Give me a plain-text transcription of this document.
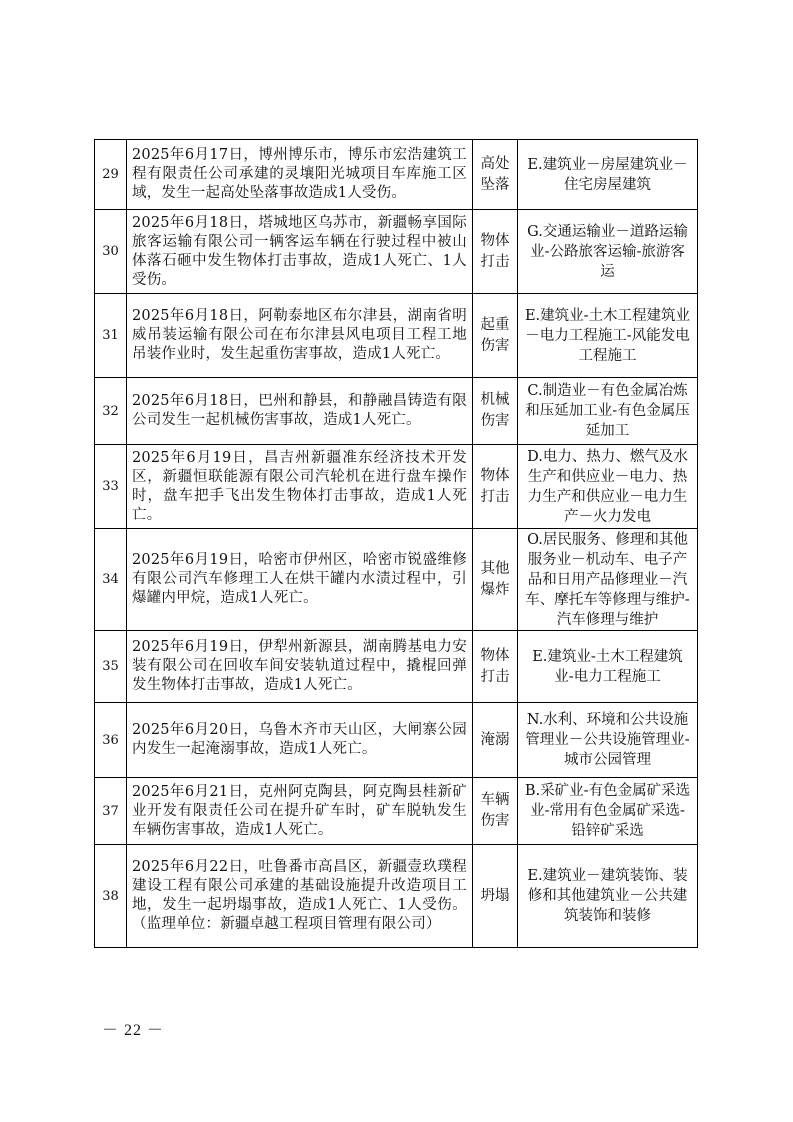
29	2025年6月17日，博州博乐市，博乐市宏浩建筑工程有限责任公司承建的灵壤阳光城项目车库施工区域，发生一起高处坠落事故造成1人受伤。	高处坠落	E.建筑业－房屋建筑业－住宅房屋建筑
30	2025年6月18日，塔城地区乌苏市，新疆畅享国际旅客运输有限公司一辆客运车辆在行驶过程中被山体落石砸中发生物体打击事故，造成1人死亡、1人受伤。	物体打击	G.交通运输业－道路运输业-公路旅客运输-旅游客运
31	2025年6月18日，阿勒泰地区布尔津县，湖南省明威吊装运输有限公司在布尔津县风电项目工程工地吊装作业时，发生起重伤害事故，造成1人死亡。	起重伤害	E.建筑业-土木工程建筑业－电力工程施工-风能发电工程施工
32	2025年6月18日，巴州和静县，和静融昌铸造有限公司发生一起机械伤害事故，造成1人死亡。	机械伤害	C.制造业－有色金属冶炼和压延加工业-有色金属压延加工
33	2025年6月19日，昌吉州新疆准东经济技术开发区，新疆恒联能源有限公司汽轮机在进行盘车操作时，盘车把手飞出发生物体打击事故，造成1人死亡。	物体打击	D.电力、热力、燃气及水生产和供应业－电力、热力生产和供应业－电力生产－火力发电
34	2025年6月19日，哈密市伊州区，哈密市锐盛维修有限公司汽车修理工人在烘干罐内水渍过程中，引爆罐内甲烷，造成1人死亡。	其他爆炸	O.居民服务、修理和其他服务业－机动车、电子产品和日用产品修理业－汽车、摩托车等修理与维护-汽车修理与维护
35	2025年6月19日，伊犁州新源县，湖南腾基电力安装有限公司在回收车间安装轨道过程中，撬棍回弹发生物体打击事故，造成1人死亡。	物体打击	E.建筑业-土木工程建筑业-电力工程施工
36	2025年6月20日，乌鲁木齐市天山区，大闸寨公园内发生一起淹溺事故，造成1人死亡。	淹溺	N.水利、环境和公共设施管理业－公共设施管理业-城市公园管理
37	2025年6月21日，克州阿克陶县，阿克陶县桂新矿业开发有限责任公司在提升矿车时，矿车脱轨发生车辆伤害事故，造成1人死亡。	车辆伤害	B.采矿业-有色金属矿采选业-常用有色金属矿采选-铅锌矿采选
38	2025年6月22日，吐鲁番市高昌区，新疆壹玖璞程建设工程有限公司承建的基础设施提升改造项目工地，发生一起坍塌事故，造成1人死亡、1人受伤。（监理单位：新疆卓越工程项目管理有限公司）	坍塌	E.建筑业－建筑装饰、装修和其他建筑业－公共建筑装饰和装修
－ 22 －
